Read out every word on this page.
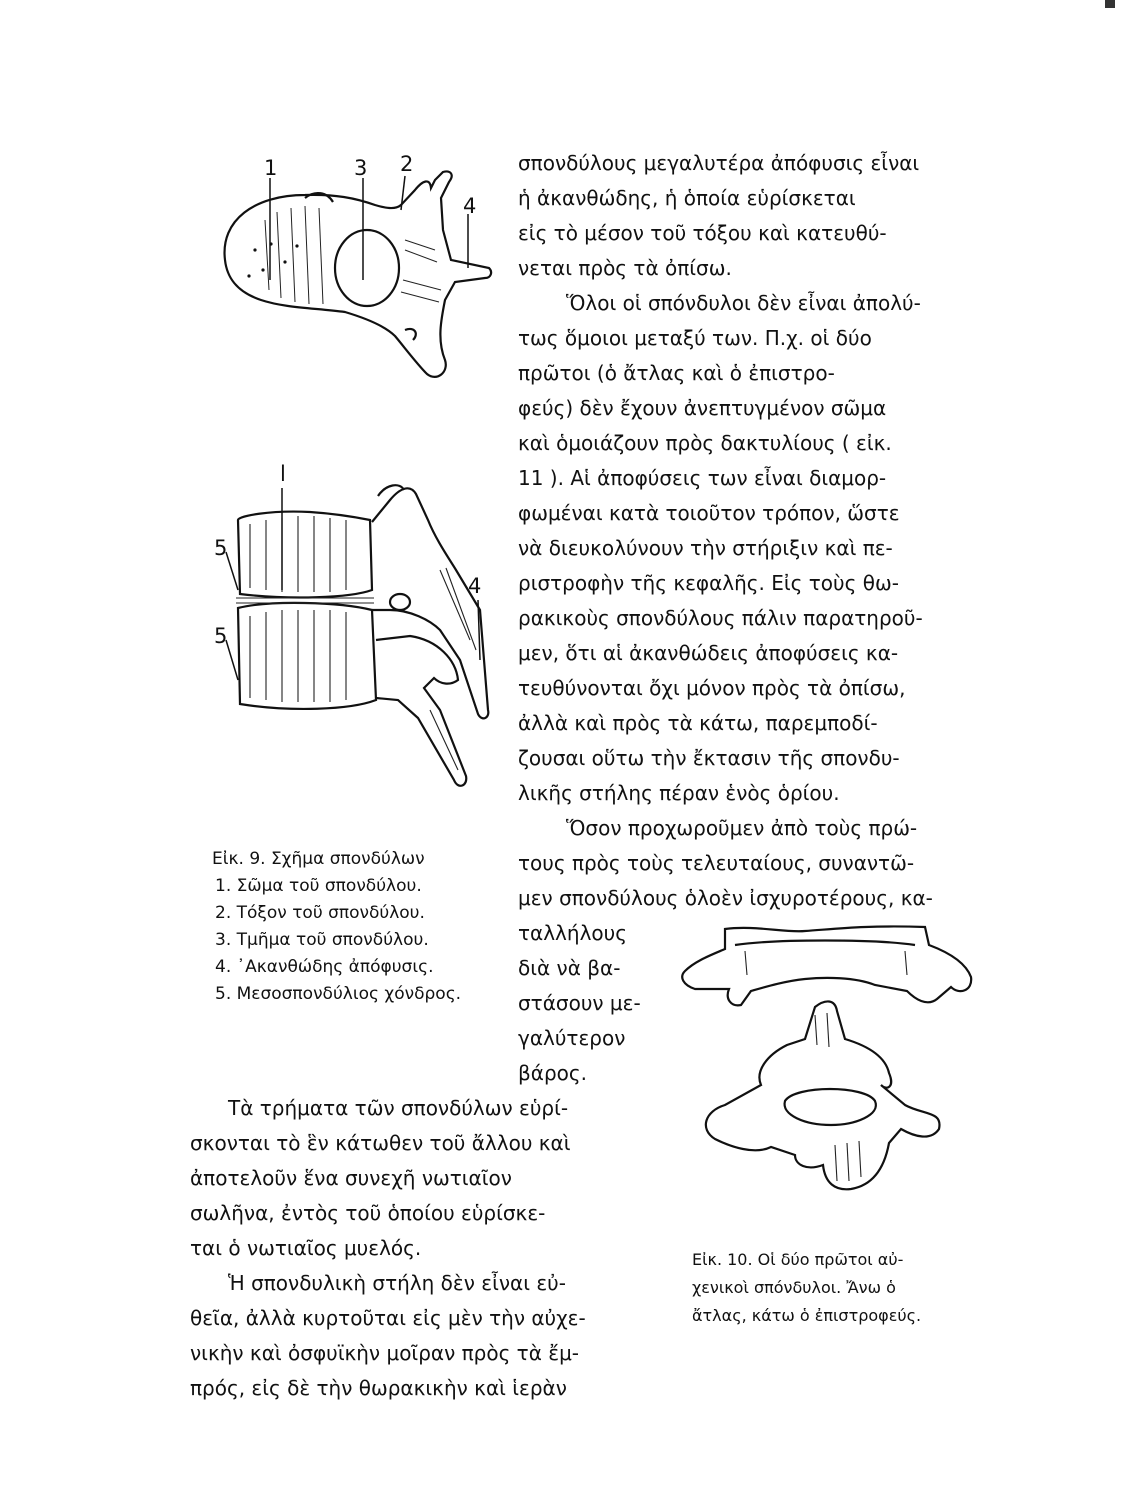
1	3 2
4
l
5
5
4
Εἰκ. 9. Σχῆμα σπονδύλων
1. Σῶμα τοῦ σπονδύλου.
2. Τόξον τοῦ σπονδύλου.
3. Τμῆμα τοῦ σπονδύλου.
4. ᾿Ακανθώδης ἀπόφυσις.
5. Μεσοσπονδύλιος χόνδρος.
Εἰκ. 10. Οἱ δύο πρῶτοι αὐ-
χενικοὶ σπόνδυλοι. Ἄνω ὁ
ἄτλας, κάτω ὁ ἐπιστροφεύς.
σπονδύλους μεγαλυτέρα ἀπόφυσις εἶναι
ἡ ἀκανθώδης, ἡ ὁποία εὑρίσκεται
εἰς τὸ μέσον τοῦ τόξου καὶ κατευθύ-
νεται πρὸς τὰ ὀπίσω.
Ὅλοι οἱ σπόνδυλοι δὲν εἶναι ἀπολύ-
τως ὅμοιοι μεταξύ των. Π.χ. οἱ δύο
πρῶτοι (ὁ ἄτλας καὶ ὁ ἐπιστρο-
φεύς) δὲν ἔχουν ἀνεπτυγμένον σῶμα
καὶ ὁμοιάζουν πρὸς δακτυλίους ( εἰκ.
11 ). Αἱ ἀποφύσεις των εἶναι διαμορ-
φωμέναι κατὰ τοιοῦτον τρόπον, ὥστε
νὰ διευκολύνουν τὴν στήριξιν καὶ πε-
ριστροφὴν τῆς κεφαλῆς. Εἰς τοὺς θω-
ρακικοὺς σπονδύλους πάλιν παρατηροῦ-
μεν, ὅτι αἱ ἀκανθώδεις ἀποφύσεις κα-
τευθύνονται ὄχι μόνον πρὸς τὰ ὀπίσω,
ἀλλὰ καὶ πρὸς τὰ κάτω, παρεμποδί-
ζουσαι οὕτω τὴν ἔκτασιν τῆς σπονδυ-
λικῆς στήλης πέραν ἑνὸς ὁρίου.
Ὅσον προχωροῦμεν ἀπὸ τοὺς πρώ-
τους πρὸς τοὺς τελευταίους, συναντῶ-
μεν σπονδύλους ὁλοὲν ἰσχυροτέρους, κα-
ταλλήλους
διὰ νὰ βα-
στάσουν με-
γαλύτερον
βάρος.
Τὰ τρήματα τῶν σπονδύλων εὑρί-
σκονται τὸ ἓν κάτωθεν τοῦ ἄλλου καὶ
ἀποτελοῦν ἕνα συνεχῆ νωτιαῖον
σωλῆνα, ἐντὸς τοῦ ὁποίου εὑρίσκε-
ται ὁ νωτιαῖος μυελός.
Ἡ σπονδυλικὴ στήλη δὲν εἶναι εὐ-
θεῖα, ἀλλὰ κυρτοῦται εἰς μὲν τὴν αὐχε-
νικὴν καὶ ὀσφυϊκὴν μοῖραν πρὸς τὰ ἔμ-
πρός, εἰς δὲ τὴν θωρακικὴν καὶ ἱερὰν
